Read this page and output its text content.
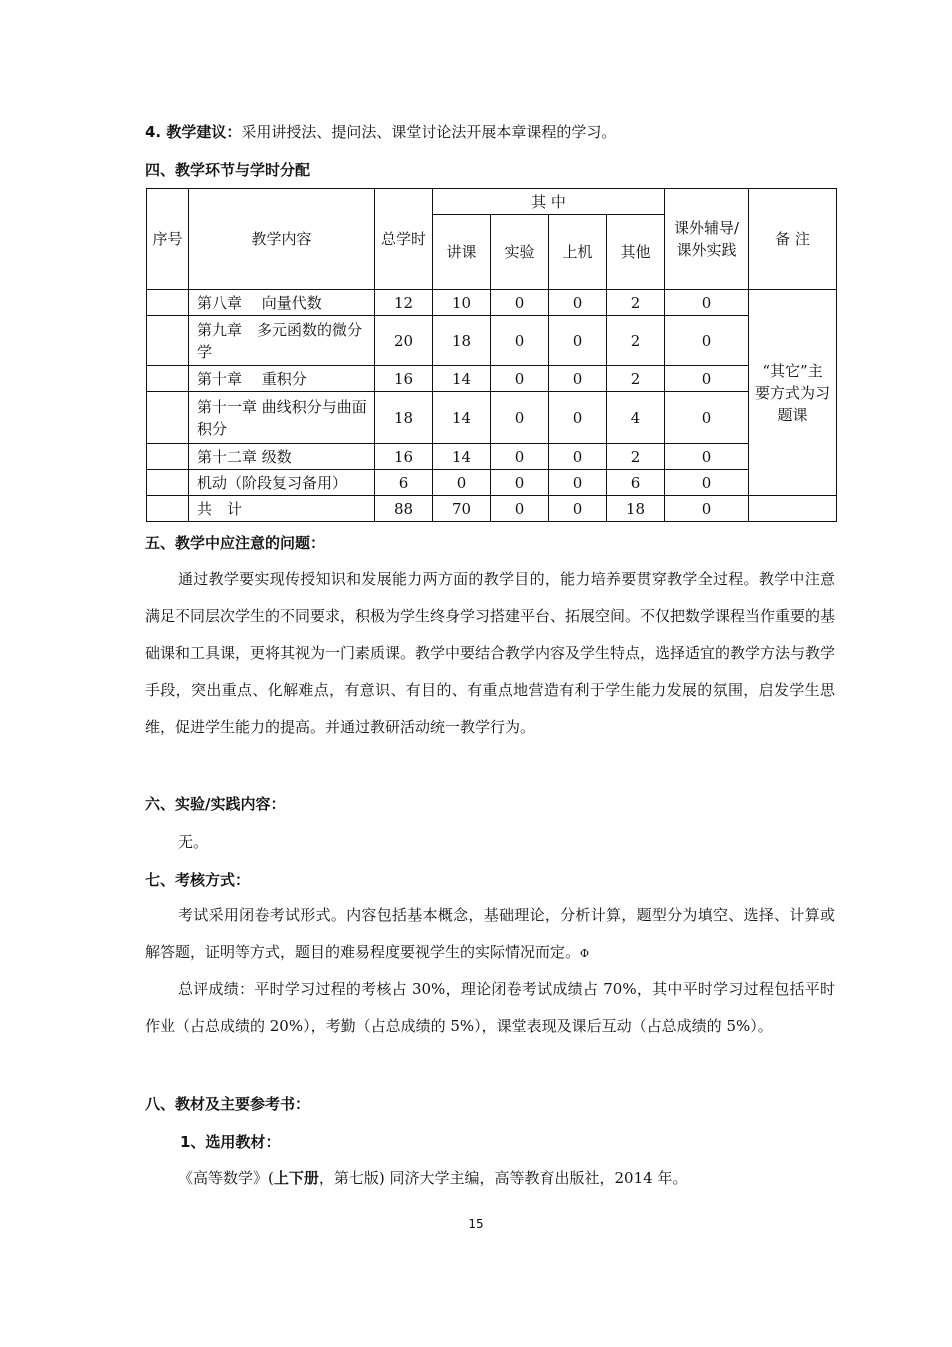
4. 教学建议：采用讲授法、提问法、课堂讨论法开展本章课程的学习。
四、教学环节与学时分配
序号	教学内容	总学时	其 中				课外辅导/课外实践	备 注
			讲课	实验	上机	其他		
	第八章　 向量代数	12	10	0	0	2	0	“其它”主要方式为习题课
	第九章　多元函数的微分学	20	18	0	0	2	0	
	第十章　 重积分	16	14	0	0	2	0	
	第十一章 曲线积分与曲面积分	18	14	0	0	4	0	
	第十二章 级数	16	14	0	0	2	0	
	机动（阶段复习备用）	6	0	0	0	6	0	
	共　计	88	70	0	0	18	0	
五、教学中应注意的问题：
通过教学要实现传授知识和发展能力两方面的教学目的，能力培养要贯穿教学全过程。教学中注意满足不同层次学生的不同要求，积极为学生终身学习搭建平台、拓展空间。不仅把数学课程当作重要的基础课和工具课，更将其视为一门素质课。教学中要结合教学内容及学生特点，选择适宜的教学方法与教学手段，突出重点、化解难点，有意识、有目的、有重点地营造有利于学生能力发展的氛围，启发学生思维，促进学生能力的提高。并通过教研活动统一教学行为。
六、实验/实践内容：
无。
七、考核方式：
考试采用闭卷考试形式。内容包括基本概念，基础理论，分析计算，题型分为填空、选择、计算或解答题，证明等方式，题目的难易程度要视学生的实际情况而定。Φ
总评成绩：平时学习过程的考核占 30%，理论闭卷考试成绩占 70%，其中平时学习过程包括平时作业（占总成绩的 20%），考勤（占总成绩的 5%），课堂表现及课后互动（占总成绩的 5%）。
八、教材及主要参考书：
1、选用教材：
《高等数学》(上下册，第七版) 同济大学主编，高等教育出版社，2014 年。
15
